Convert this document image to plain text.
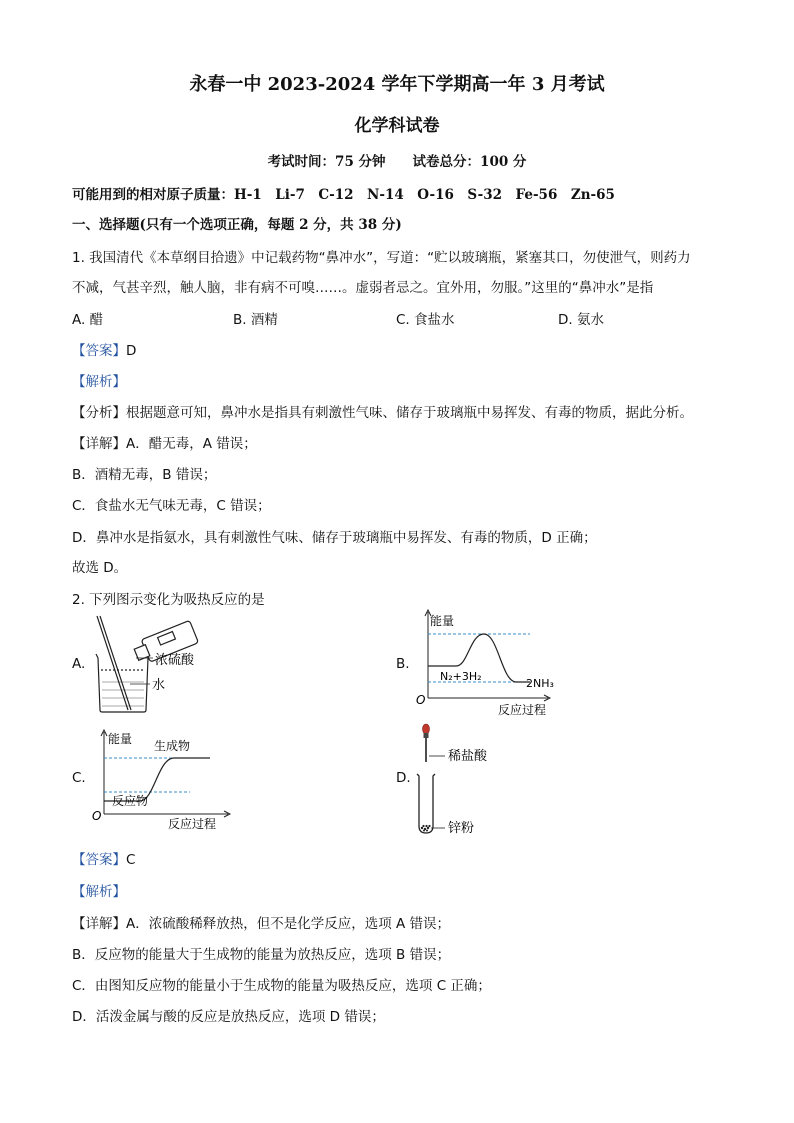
永春一中 2023-2024 学年下学期高一年 3 月考试
化学科试卷
考试时间：75 分钟　　试卷总分：100 分
可能用到的相对原子质量：H-1　Li-7　C-12　N-14　O-16　S-32　Fe-56　Zn-65
一、选择题(只有一个选项正确，每题 2 分，共 38 分)
1. 我国清代《本草纲目拾遗》中记载药物“鼻冲水”，写道：“贮以玻璃瓶，紧塞其口，勿使泄气，则药力
不减，气甚辛烈，触人脑，非有病不可嗅……。虚弱者忌之。宜外用，勿服。”这里的“鼻冲水”是指
A. 醋	B. 酒精	C. 食盐水	D. 氨水
【答案】D
【解析】
【分析】根据题意可知，鼻冲水是指具有刺激性气味、储存于玻璃瓶中易挥发、有毒的物质，据此分析。
【详解】A．醋无毒，A 错误；
B．酒精无毒，B 错误；
C．食盐水无气味无毒，C 错误；
D．鼻冲水是指氨水，具有刺激性气味、储存于玻璃瓶中易挥发、有毒的物质，D 正确；
故选 D。
2. 下列图示变化为吸热反应的是
A.	B.
C.	D.
浓硫酸
水
能量
N₂+3H₂
2NH₃
O
反应过程
能量 生成物
反应物
O
反应过程
稀盐酸
锌粉
【答案】C
【解析】
【详解】A．浓硫酸稀释放热，但不是化学反应，选项 A 错误；
B．反应物的能量大于生成物的能量为放热反应，选项 B 错误；
C．由图知反应物的能量小于生成物的能量为吸热反应，选项 C 正确；
D．活泼金属与酸的反应是放热反应，选项 D 错误；
